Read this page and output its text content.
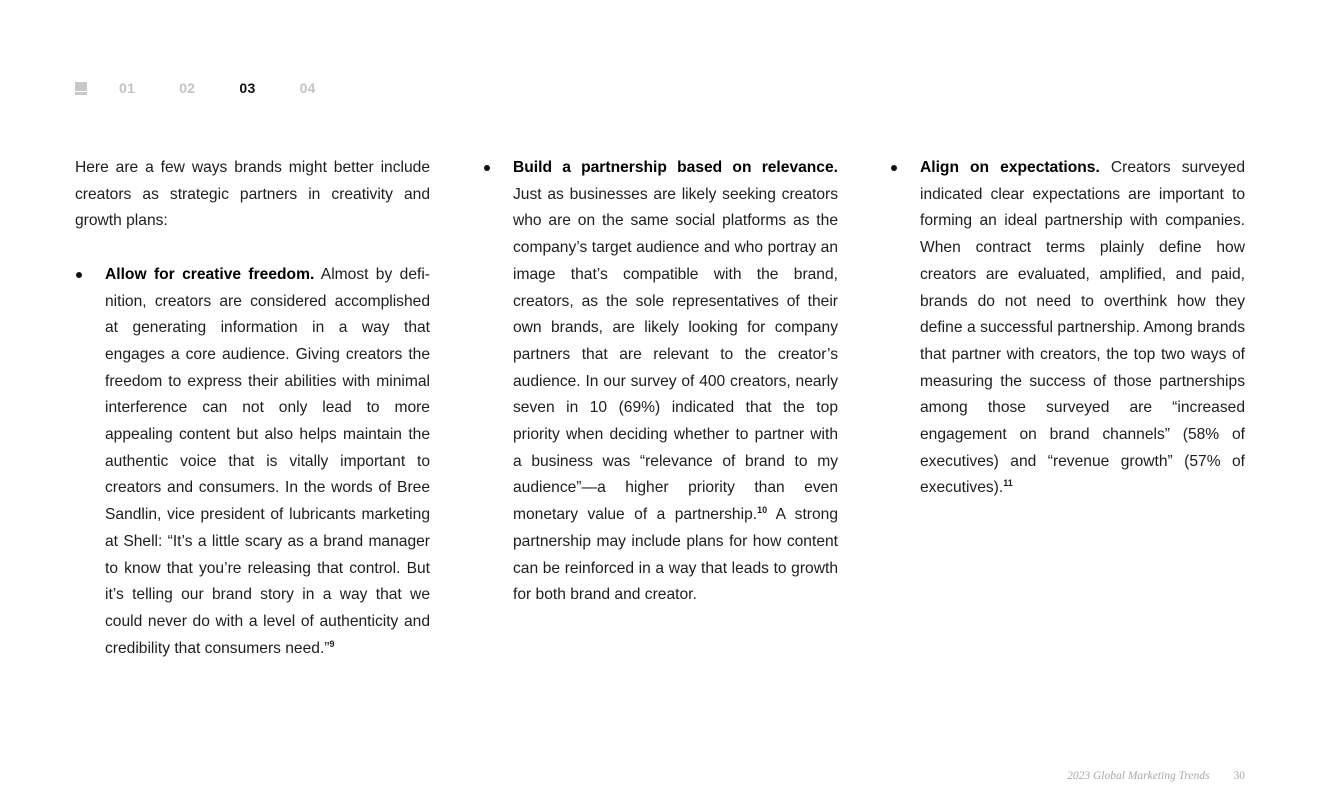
01	02	03	04

Here are a few ways brands might better include creators as strategic partners in creativity and growth plans:

Allow for creative freedom. Almost by definition, creators are considered accomplished at generating information in a way that engages a core audience. Giving creators the freedom to express their abilities with minimal interference can not only lead to more appealing content but also helps maintain the authentic voice that is vitally important to creators and consumers. In the words of Bree Sandlin, vice president of lubricants marketing at Shell: “It’s a little scary as a brand manager to know that you’re releasing that control. But it’s telling our brand story in a way that we could never do with a level of authenticity and credibility that consumers need.”$^9$
Build a partnership based on relevance. Just as businesses are likely seeking creators who are on the same social platforms as the company’s target audience and who portray an image that’s compatible with the brand, creators, as the sole representatives of their own brands, are likely looking for company partners that are relevant to the creator’s audience. In our survey of 400 creators, nearly seven in 10 (69%) indicated that the top priority when deciding whether to partner with a business was “relevance of brand to my audience”—a higher priority than even monetary value of a partnership.$^{10}$ A strong partnership may include plans for how content can be reinforced in a way that leads to growth for both brand and creator.
Align on expectations. Creators surveyed indicated clear expectations are important to forming an ideal partnership with companies. When contract terms plainly define how creators are evaluated, amplified, and paid, brands do not need to overthink how they define a successful partnership. Among brands that partner with creators, the top two ways of measuring the success of those partnerships among those surveyed are “increased engagement on brand channels” (58% of executives) and “revenue growth” (57% of executives).$^{11}$
2023 Global Marketing Trends 30
